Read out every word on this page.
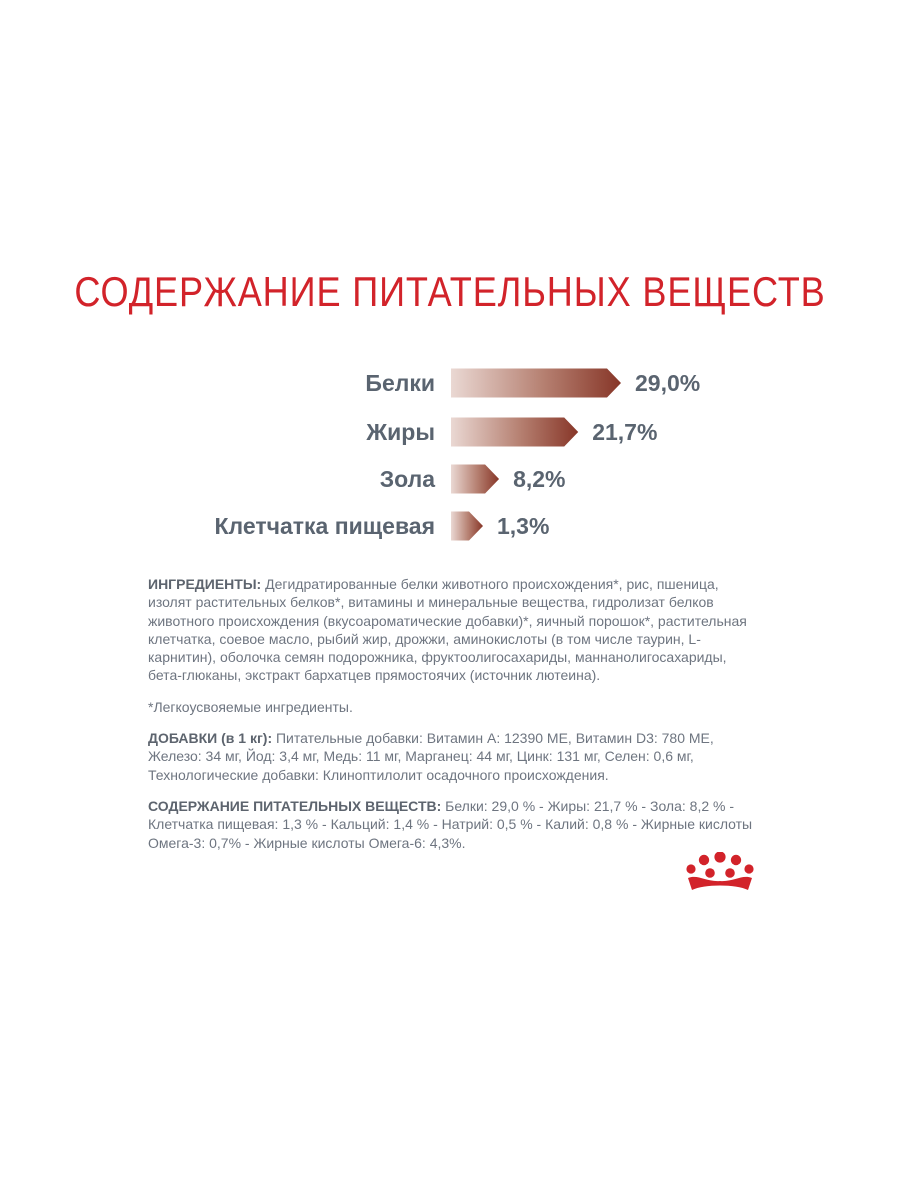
СОДЕРЖАНИЕ ПИТАТЕЛЬНЫХ ВЕЩЕСТВ
Белки	29,0%
Жиры	21,7%
Зола	8,2%
Клетчатка пищевая	1,3%

ИНГРЕДИЕНТЫ: Дегидратированные белки животного происхождения*, рис, пшеница, изолят растительных белков*, витамины и минеральные вещества, гидролизат белков животного происхождения (вкусоароматические добавки)*, яичный порошок*, растительная клетчатка, соевое масло, рыбий жир, дрожжи, аминокислоты (в том числе таурин, L-карнитин), оболочка семян подорожника, фруктоолигосахариды, маннанолигосахариды, бета-глюканы, экстракт бархатцев прямостоячих (источник лютеина).

*Легкоусвояемые ингредиенты.

ДОБАВКИ (в 1 кг): Питательные добавки: Витамин A: 12390 МЕ, Витамин D3: 780 МЕ, Железо: 34 мг, Йод: 3,4 мг, Медь: 11 мг, Марганец: 44 мг, Цинк: 131 мг, Селен: 0,6 мг, Технологические добавки: Клиноптилолит осадочного происхождения.

СОДЕРЖАНИЕ ПИТАТЕЛЬНЫХ ВЕЩЕСТВ: Белки: 29,0 % - Жиры: 21,7 % - Зола: 8,2 % - Клетчатка пищевая: 1,3 % - Кальций: 1,4 % - Натрий: 0,5 % - Калий: 0,8 % - Жирные кислоты Омега-3: 0,7% - Жирные кислоты Омега-6: 4,3%.
